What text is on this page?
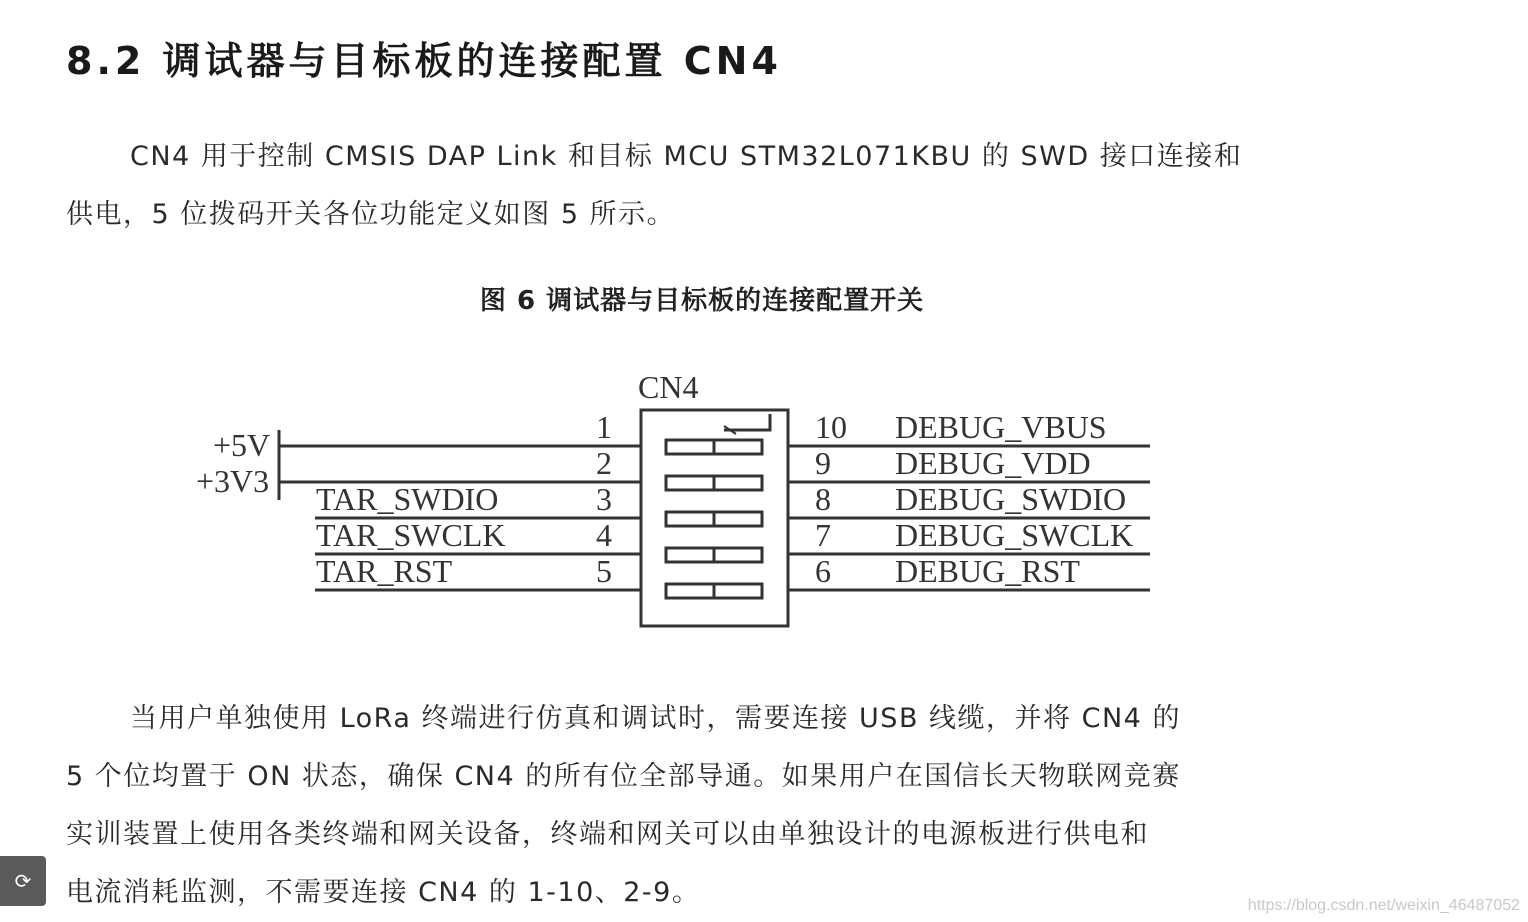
8.2 调试器与目标板的连接配置 CN4
CN4 用于控制 CMSIS DAP Link 和目标 MCU STM32L071KBU 的 SWD 接口连接和
供电，5 位拨码开关各位功能定义如图 5 所示。
图 6 调试器与目标板的连接配置开关
CN4
+5V
+3V3 TAR_SWDIO
TAR_SWCLK
TAR_RST
1
2
3
4
5
10
9
8
7
6
DEBUG_VBUS
DEBUG_VDD
DEBUG_SWDIO
DEBUG_SWCLK
DEBUG_RST
当用户单独使用 LoRa 终端进行仿真和调试时，需要连接 USB 线缆，并将 CN4 的
5 个位均置于 ON 状态，确保 CN4 的所有位全部导通。如果用户在国信长天物联网竞赛
实训装置上使用各类终端和网关设备，终端和网关可以由单独设计的电源板进行供电和
电流消耗监测，不需要连接 CN4 的 1-10、2-9。
⟳
https://blog.csdn.net/weixin_46487052
